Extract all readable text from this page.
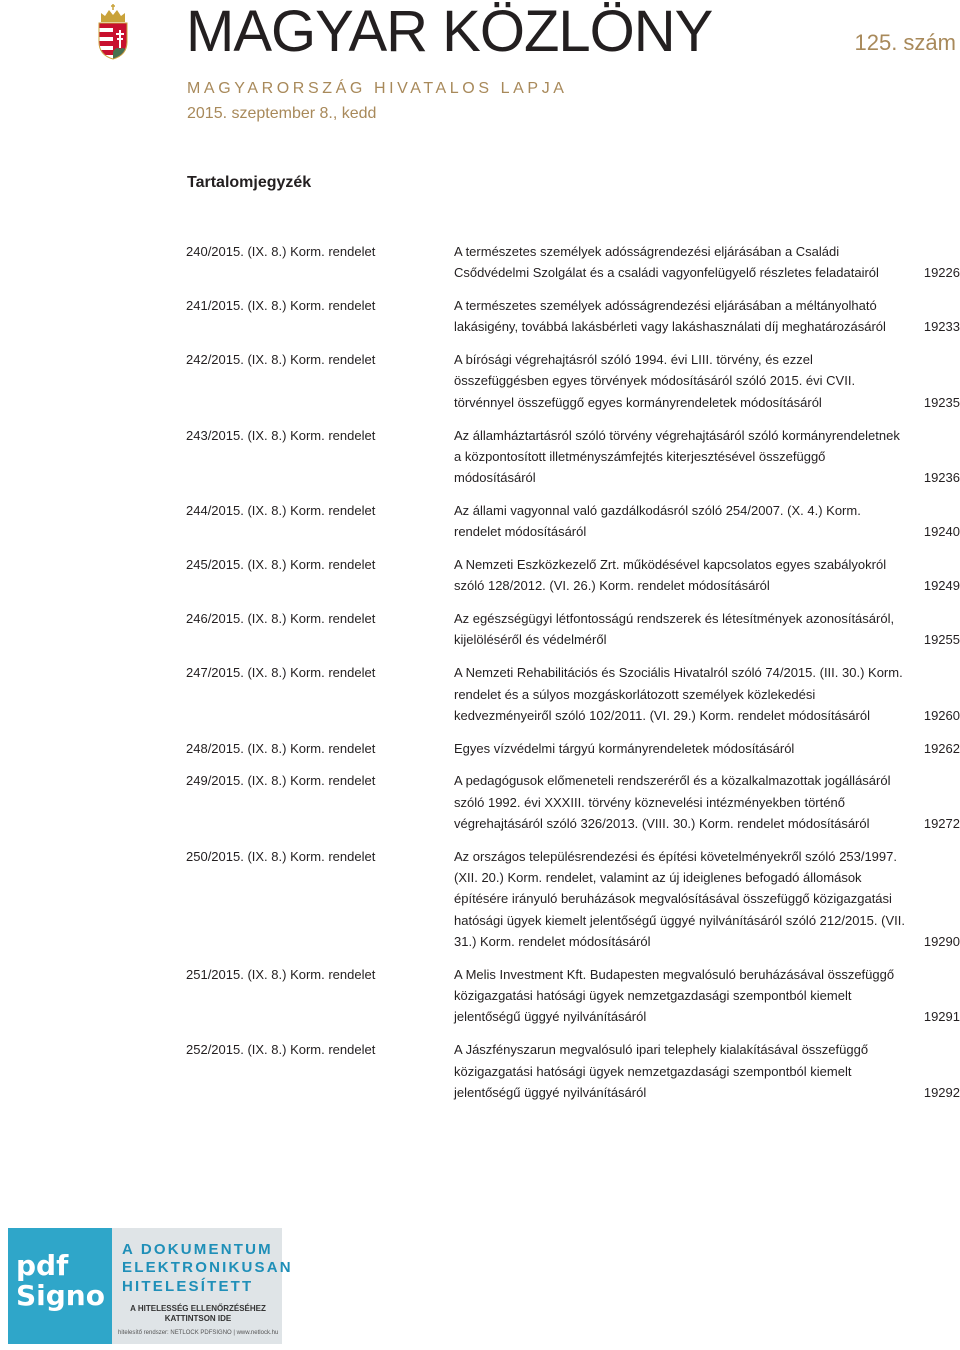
MAGYAR KÖZLÖNY	125. szám
MAGYARORSZÁG HIVATALOS LAPJA
2015. szeptember 8., kedd
Tartalomjegyzék
240/2015. (IX. 8.) Korm. rendelet	A természetes személyek adósságrendezési eljárásában a Családi Csődvédelmi Szolgálat és a családi vagyonfelügyelő részletes feladatairól	19226
241/2015. (IX. 8.) Korm. rendelet	A természetes személyek adósságrendezési eljárásában a méltányolható lakásigény, továbbá lakásbérleti vagy lakáshasználati díj meghatározásáról	19233
242/2015. (IX. 8.) Korm. rendelet	A bírósági végrehajtásról szóló 1994. évi LIII. törvény, és ezzel összefüggésben egyes törvények módosításáról szóló 2015. évi CVII. törvénnyel összefüggő egyes kormányrendeletek módosításáról	19235
243/2015. (IX. 8.) Korm. rendelet	Az államháztartásról szóló törvény végrehajtásáról szóló kormányrendeletnek a központosított illetményszámfejtés kiterjesztésével összefüggő módosításáról	19236
244/2015. (IX. 8.) Korm. rendelet	Az állami vagyonnal való gazdálkodásról szóló 254/2007. (X. 4.) Korm. rendelet módosításáról	19240
245/2015. (IX. 8.) Korm. rendelet	A Nemzeti Eszközkezelő Zrt. működésével kapcsolatos egyes szabályokról szóló 128/2012. (VI. 26.) Korm. rendelet módosításáról	19249
246/2015. (IX. 8.) Korm. rendelet	Az egészségügyi létfontosságú rendszerek és létesítmények azonosításáról, kijelöléséről és védelméről	19255
247/2015. (IX. 8.) Korm. rendelet	A Nemzeti Rehabilitációs és Szociális Hivatalról szóló 74/2015. (III. 30.) Korm. rendelet és a súlyos mozgáskorlátozott személyek közlekedési kedvezményeiről szóló 102/2011. (VI. 29.) Korm. rendelet módosításáról	19260
248/2015. (IX. 8.) Korm. rendelet	Egyes vízvédelmi tárgyú kormányrendeletek módosításáról	19262
249/2015. (IX. 8.) Korm. rendelet	A pedagógusok előmeneteli rendszeréről és a közalkalmazottak jogállásáról szóló 1992. évi XXXIII. törvény köznevelési intézményekben történő végrehajtásáról szóló 326/2013. (VIII. 30.) Korm. rendelet módosításáról	19272
250/2015. (IX. 8.) Korm. rendelet	Az országos településrendezési és építési követelményekről szóló 253/1997. (XII. 20.) Korm. rendelet, valamint az új ideiglenes befogadó állomások építésére irányuló beruházások megvalósításával összefüggő közigazgatási hatósági ügyek kiemelt jelentőségű üggyé nyilvánításáról szóló 212/2015. (VII. 31.) Korm. rendelet módosításáról	19290
251/2015. (IX. 8.) Korm. rendelet	A Melis Investment Kft. Budapesten megvalósuló beruházásával összefüggő közigazgatási hatósági ügyek nemzetgazdasági szempontból kiemelt jelentőségű üggyé nyilvánításáról	19291
252/2015. (IX. 8.) Korm. rendelet	A Jászfényszarun megvalósuló ipari telephely kialakításával összefüggő közigazgatási hatósági ügyek nemzetgazdasági szempontból kiemelt jelentőségű üggyé nyilvánításáról	19292
pdf
Signo
A DOKUMENTUM
ELEKTRONIKUSAN
HITELESÍTETT
A HITELESSÉG ELLENŐRZÉSÉHEZ KATTINTSON IDE
hitelesítő rendszer: NETLOCK PDFSIGNO | www.netlock.hu
